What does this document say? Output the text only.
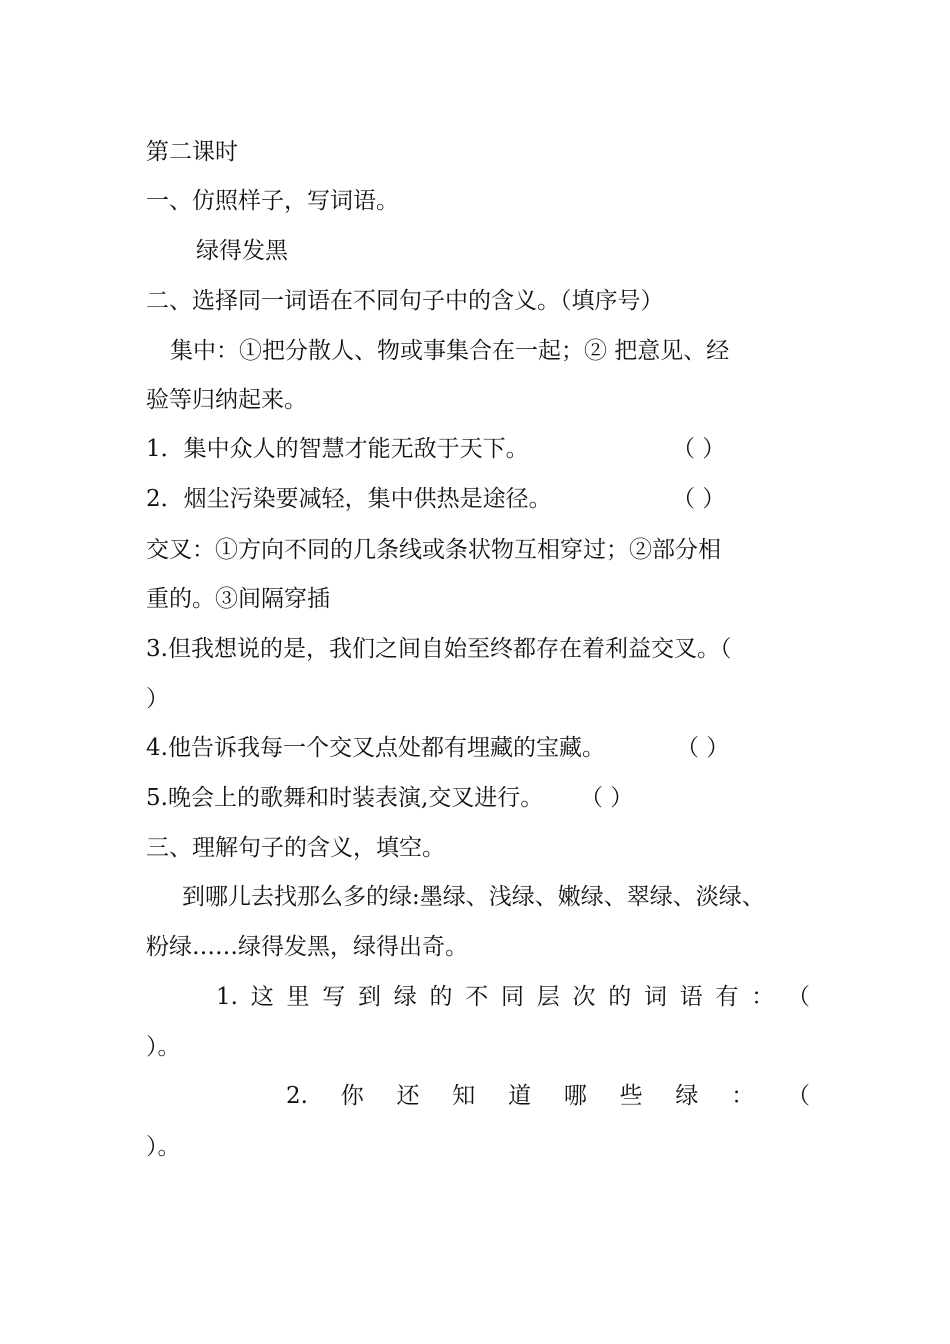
第二课时
一、仿照样子，写词语。
绿得发黑
二、选择同一词语在不同句子中的含义。（填序号）
集中：①把分散人、物或事集合在一起；② 把意见、经
验等归纳起来。
1．集中众人的智慧才能无敌于天下。	（ ）
2．烟尘污染要减轻，集中供热是途径。	（ ）
交叉：①方向不同的几条线或条状物互相穿过；②部分相
重的。③间隔穿插
3.但我想说的是，我们之间自始至终都存在着利益交叉。（
）
4.他告诉我每一个交叉点处都有埋藏的宝藏。	（ ）
5.晚会上的歌舞和时装表演,交叉进行。 （ ）
三、理解句子的含义，填空。
到哪儿去找那么多的绿:墨绿、浅绿、嫩绿、翠绿、淡绿、
粉绿……绿得发黑，绿得出奇。
1. 这 里 写 到 绿 的 不 同 层 次 的 词 语 有 ： （
）。
2. 你 还 知 道 哪 些 绿 ： （
）。
